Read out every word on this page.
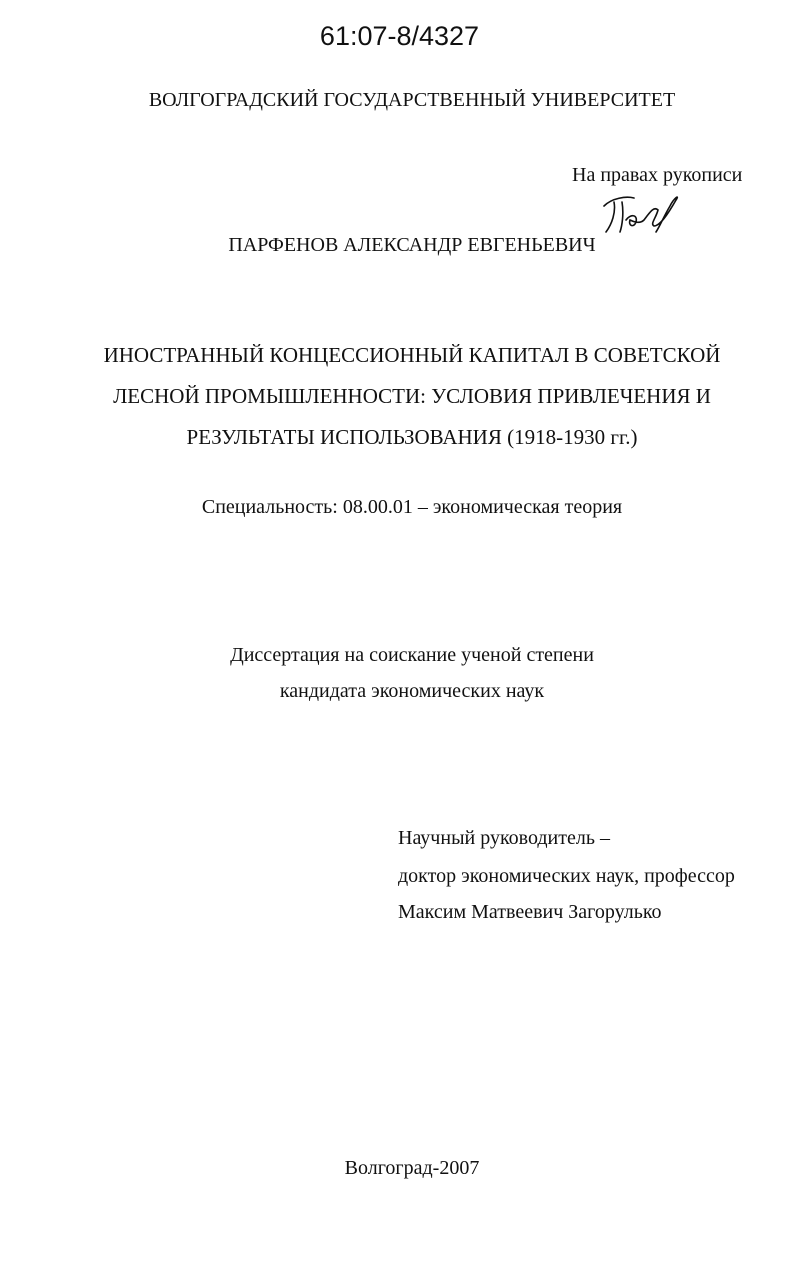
61:07-8/4327
ВОЛГОГРАДСКИЙ ГОСУДАРСТВЕННЫЙ УНИВЕРСИТЕТ
На правах рукописи
ПАРФЕНОВ АЛЕКСАНДР ЕВГЕНЬЕВИЧ
ИНОСТРАННЫЙ КОНЦЕССИОННЫЙ КАПИТАЛ В СОВЕТСКОЙ
ЛЕСНОЙ ПРОМЫШЛЕННОСТИ: УСЛОВИЯ ПРИВЛЕЧЕНИЯ И
РЕЗУЛЬТАТЫ ИСПОЛЬЗОВАНИЯ (1918-1930 гг.)
Специальность: 08.00.01 – экономическая теория
Диссертация на соискание ученой степени
кандидата экономических наук
Научный руководитель –
доктор экономических наук, профессор
Максим Матвеевич Загорулько
Волгоград-2007
